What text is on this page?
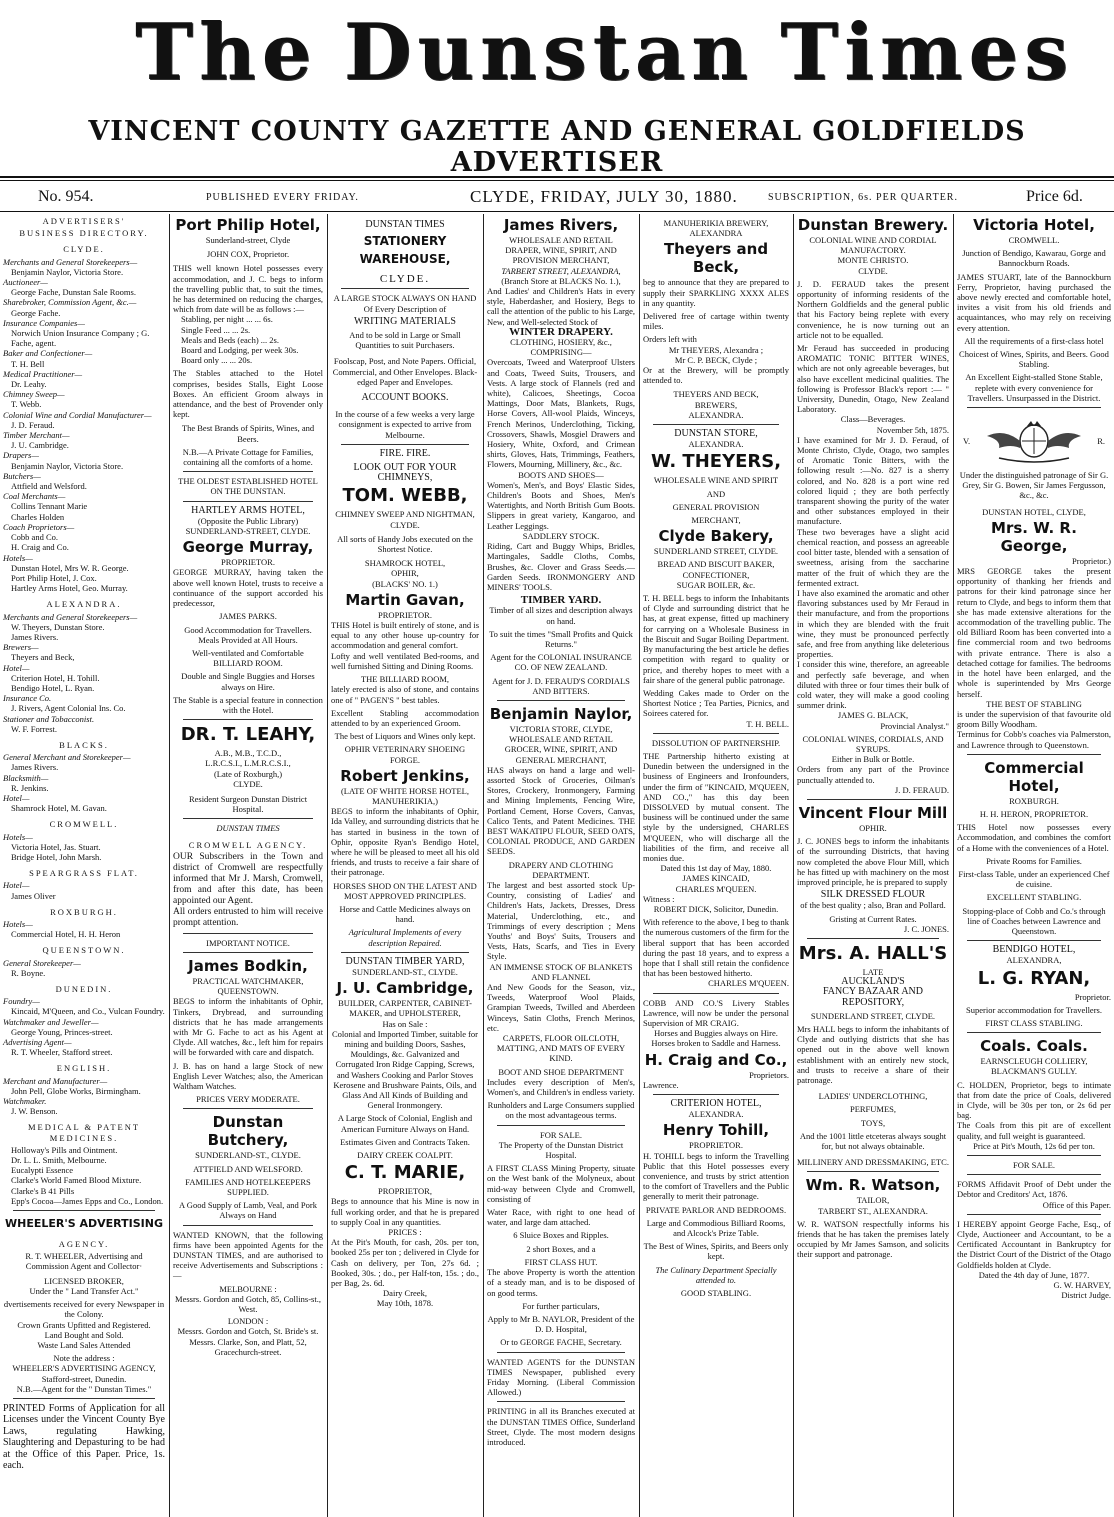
The Dunstan Times
VINCENT COUNTY GAZETTE AND GENERAL GOLDFIELDS ADVERTISER
No. 954.	PUBLISHED EVERY FRIDAY.	CLYDE, FRIDAY, JULY 30, 1880.	SUBSCRIPTION, 6s. PER QUARTER.	Price 6d.
ADVERTISERS'
BUSINESS DIRECTORY.
CLYDE.
Merchants and General Storekeepers—
Benjamin Naylor, Victoria Store.
Auctioneer—
George Fache, Dunstan Sale Rooms.
Sharebroker, Commission Agent, &c.—
George Fache.
Insurance Companies—
Norwich Union Insurance Company ; G. Fache, agent.
Baker and Confectioner—
T. H. Bell
Medical Practitioner—
Dr. Leahy.
Chimney Sweep—
T. Webb.
Colonial Wine and Cordial Manufacturer—
J. D. Feraud.
Timber Merchant—
J. U. Cambridge.
Drapers—
Benjamin Naylor, Victoria Store.
Butchers—
Attfield and Welsford.
Coal Merchants—
Collins Tennant Marie
Charles Holden
Coach Proprietors—
Cobb and Co.
H. Craig and Co.
Hotels—
Dunstan Hotel, Mrs W. R. George.
Port Philip Hotel, J. Cox.
Hartley Arms Hotel, Geo. Murray.
ALEXANDRA.
Merchants and General Storekeepers—
W. Theyers, Dunstan Store.
James Rivers.
Brewers—
Theyers and Beck,
Hotel—
Criterion Hotel, H. Tohill.
Bendigo Hotel, L. Ryan.
Insurance Co.
J. Rivers, Agent Colonial Ins. Co.
Stationer and Tobacconist.
W. F. Forrest.
BLACKS.
General Merchant and Storekeeper—
James Rivers.
Blacksmith—
R. Jenkins.
Hotel—
Shamrock Hotel, M. Gavan.
CROMWELL.
Hotels—
Victoria Hotel, Jas. Stuart.
Bridge Hotel, John Marsh.
SPEARGRASS FLAT.
Hotel—
James Oliver
ROXBURGH.
Hotels—
Commercial Hotel, H. H. Heron
QUEENSTOWN.
General Storekeeper—
R. Boyne.
DUNEDIN.
Foundry—
Kincaid, M'Queen, and Co., Vulcan Foundry.
Watchmaker and Jeweller—
George Young, Princes-street.
Advertising Agent—
R. T. Wheeler, Stafford street.
ENGLISH.
Merchant and Manufacturer—
John Pell, Globe Works, Birmingham.
Watchmaker.
J. W. Benson.
MEDICAL & PATENT MEDICINES.
Holloway's Pills and Ointment.
Dr. L. L. Smith, Melbourne.
Eucalypti Essence
Clarke's World Famed Blood Mixture.
Clarke's B 41 Pills
Epp's Cocoa—James Epps and Co., London.
WHEELER'S ADVERTISING
AGENCY.
R. T. WHEELER, Advertising and Commission Agent and Collector·
LICENSED BROKER,
Under the " Land Transfer Act."
dvertisements received for every Newspaper in the Colony.
Crown Grants Upfitted and Registered.
Land Bought and Sold.
Waste Land Sales Attended
Note the address :
WHEELER'S ADVERTISING AGENCY,
Stafford-street, Dunedin.
N.B.—Agent for the " Dunstan Times."
PRINTED Forms of Application for all Licenses under the Vincent County Bye Laws, regulating Hawking, Slaughtering and Depasturing to be had at the Office of this Paper. Price, 1s. each.
Port Philip Hotel,
Sunderland-street, Clyde
JOHN COX, Proprietor.
THIS well known Hotel possesses every accommodation, and J. C. begs to inform the travelling public that, to suit the times, he has determined on reducing the charges, which from date will be as follows :—
Stabling, per night ... ... 6s.
Single Feed ... ... 2s.
Meals and Beds (each) ... 2s.
Board and Lodging, per week 30s.
Board only ... ... 20s.
The Stables attached to the Hotel comprises, besides Stalls, Eight Loose Boxes. An efficient Groom always in attendance, and the best of Provender only kept.
The Best Brands of Spirits, Wines, and Beers.
N.B.—A Private Cottage for Families, containing all the comforts of a home.
THE OLDEST ESTABLISHED HOTEL ON THE DUNSTAN.
HARTLEY ARMS HOTEL,
(Opposite the Public Library)
SUNDERLAND-STREET, CLYDE.
George Murray,
PROPRIETOR.
GEORGE MURRAY, having taken the above well known Hotel, trusts to receive a continuance of the support accorded his predecessor,
JAMES PARKS.
Good Accommodation for Travellers. Meals Provided at All Hours.
Well-ventilated and Comfortable BILLIARD ROOM.
Double and Single Buggies and Horses always on Hire.
The Stable is a special feature in connection with the Hotel.
DR. T. LEAHY,
A.B., M.B., T.C.D.,
L.R.C.S.I., L.M.R.C.S.I.,
(Late of Roxburgh,)
CLYDE.
Resident Surgeon Dunstan District Hospital.
DUNSTAN TIMES
CROMWELL AGENCY.
OUR Subscribers in the Town and district of Cromwell are respectfully informed that Mr J. Marsh, Cromwell, from and after this date, has been appointed our Agent.
All orders entrusted to him will receive prompt attention.
IMPORTANT NOTICE.
James Bodkin,
PRACTICAL WATCHMAKER,
QUEENSTOWN.
BEGS to inform the inhabitants of Ophir, Tinkers, Drybread, and surrounding districts that he has made arrangements with Mr G. Fache to act as his Agent at Clyde. All watches, &c., left him for repairs will be forwarded with care and dispatch.
J. B. has on hand a large Stock of new English Lever Watches; also, the American Waltham Watches.
PRICES VERY MODERATE.
Dunstan Butchery,
SUNDERLAND-ST., CLYDE.
ATTFIELD AND WELSFORD.
FAMILIES AND HOTELKEEPERS SUPPLIED.
A Good Supply of Lamb, Veal, and Pork Always on Hand
WANTED KNOWN, that the following firms have been appointed Agents for the DUNSTAN TIMES, and are authorised to receive Advertisements and Subscriptions :—
MELBOURNE :
Messrs. Gordon and Gotch, 85, Collins-st., West.
LONDON :
Messrs. Gordon and Gotch, St. Bride's st. Messrs. Clarke, Son, and Platt, 52, Gracechurch-street.
DUNSTAN TIMES
STATIONERY WAREHOUSE,
CLYDE.
A LARGE STOCK ALWAYS ON HAND Of Every Description of
WRITING MATERIALS
And to be sold in Large or Small Quantities to suit Purchasers.
Foolscap, Post, and Note Papers. Official, Commercial, and Other Envelopes. Black-edged Paper and Envelopes.
ACCOUNT BOOKS.
In the course of a few weeks a very large consignment is expected to arrive from Melbourne.
FIRE. FIRE.
LOOK OUT FOR YOUR CHIMNEYS,
TOM. WEBB,
CHIMNEY SWEEP AND NIGHTMAN,
CLYDE.
All sorts of Handy Jobs executed on the Shortest Notice.
SHAMROCK HOTEL,
OPHIR,
(BLACKS' NO. 1.)
Martin Gavan,
PROPRIETOR.
THIS Hotel is built entirely of stone, and is equal to any other house up-country for accommodation and general comfort.
Lofty and well ventilated Bed-rooms, and well furnished Sitting and Dining Rooms.
THE BILLIARD ROOM,
lately erected is also of stone, and contains one of " PAGEN'S " best tables.
Excellent Stabling accommodation attended to by an experienced Groom.
The best of Liquors and Wines only kept.
OPHIR VETERINARY SHOEING FORGE.
Robert Jenkins,
(LATE OF WHITE HORSE HOTEL, MANUHERIKIA,)
BEGS to inform the inhabitants of Ophir, Ida Valley, and surrounding districts that he has started in business in the town of Ophir, opposite Ryan's Bendigo Hotel, where he will be pleased to meet all his old friends, and trusts to receive a fair share of their patronage.
HORSES SHOD ON THE LATEST AND MOST APPROVED PRINCIPLES.
Horse and Cattle Medicines always on hand.
Agricultural Implements of every description Repaired.
DUNSTAN TIMBER YARD,
SUNDERLAND-ST., CLYDE.
J. U. Cambridge,
BUILDER, CARPENTER, CABINET-MAKER, and UPHOLSTERER,
Has on Sale :
Colonial and Imported Timber, suitable for mining and building Doors, Sashes, Mouldings, &c. Galvanized and Corrugated Iron Ridge Capping, Screws, and Washers Cooking and Parlor Stoves Kerosene and Brushware Paints, Oils, and Glass And All Kinds of Building and General Ironmongery.
A Large Stock of Colonial, English and American Furniture Always on Hand.
Estimates Given and Contracts Taken.
DAIRY CREEK COALPIT.
C. T. MARIE,
PROPRIETOR,
Begs to announce that his Mine is now in full working order, and that he is prepared to supply Coal in any quantities.
PRICES :
At the Pit's Mouth, for cash, 20s. per ton, booked 25s per ton ; delivered in Clyde for Cash on delivery, per Ton, 27s 6d. ; Booked, 30s. ; do., per Half-ton, 15s. ; do., per Bag, 2s. 6d.
Dairy Creek,
May 10th, 1878.
James Rivers,
WHOLESALE AND RETAIL
DRAPER, WINE, SPIRIT, AND PROVISION MERCHANT,
TARBERT STREET, ALEXANDRA,
(Branch Store at BLACKS No. 1.),
And Ladies' and Children's Hats in every style, Haberdasher, and Hosiery, Begs to call the attention of the public to his Large, New, and Well-selected Stock of
WINTER DRAPERY.
CLOTHING, HOSIERY, &c.,
COMPRISING—
Overcoats, Tweed and Waterproof Ulsters and Coats, Tweed Suits, Trousers, and Vests. A large stock of Flannels (red and white), Calicoes, Sheetings, Cocoa Mattings, Door Mats, Blankets, Rugs, Horse Covers, All-wool Plaids, Winceys, French Merinos, Underclothing, Ticking, Crossovers, Shawls, Mosgiel Drawers and Hosiery, White, Oxford, and Crimean shirts, Gloves, Hats, Trimmings, Feathers, Flowers, Mourning, Millinery, &c., &c.
BOOTS AND SHOES—
Women's, Men's, and Boys' Elastic Sides, Children's Boots and Shoes, Men's Watertights, and North British Gum Boots. Slippers in great variety, Kangaroo, and Leather Leggings.
SADDLERY STOCK.
Riding, Cart and Buggy Whips, Bridles, Martingales, Saddle Cloths, Combs, Brushes, &c. Clover and Grass Seeds.—Garden Seeds. IRONMONGERY AND MINERS' TOOLS.
TIMBER YARD.
Timber of all sizes and description always on hand.
To suit the times "Small Profits and Quick Returns."
Agent for the COLONIAL INSURANCE CO. OF NEW ZEALAND.
Agent for J. D. FERAUD'S CORDIALS AND BITTERS.
Benjamin Naylor,
VICTORIA STORE, CLYDE,
WHOLESALE AND RETAIL
GROCER, WINE, SPIRIT, AND GENERAL MERCHANT,
HAS always on hand a large and well-assorted Stock of Groceries, Oilman's Stores, Crockery, Ironmongery, Farming and Mining Implements, Fencing Wire, Portland Cement, Horse Covers, Canvas, Calico Tents, and Patent Medicines. THE BEST WAKATIPU FLOUR, SEED OATS, COLONIAL PRODUCE, AND GARDEN SEEDS.
DRAPERY AND CLOTHING DEPARTMENT.
The largest and best assorted stock Up-Country, consisting of Ladies' and Children's Hats, Jackets, Dresses, Dress Material, Underclothing, etc., and Trimmings of every description ; Mens Youths' and Boys' Suits, Trousers and Vests, Hats, Scarfs, and Ties in Every Style.
AN IMMENSE STOCK OF BLANKETS AND FLANNEL
And New Goods for the Season, viz., Tweeds, Waterproof Wool Plaids, Grampian Tweeds, Twilled and Aberdeen Winceys, Satin Cloths, French Merinos, etc.
CARPETS, FLOOR OILCLOTH, MATTING, AND MATS OF EVERY KIND.
BOOT AND SHOE DEPARTMENT
Includes every description of Men's, Women's, and Children's in endless variety.
Runholders and Large Consumers supplied on the most advantageous terms.
FOR SALE.
The Property of the Dunstan District Hospital.
A FIRST CLASS Mining Property, situate on the West bank of the Molyneux, about mid-way between Clyde and Cromwell, consisting of
Water Race, with right to one head of water, and large dam attached.
6 Sluice Boxes and Ripples.
2 short Boxes, and a
FIRST CLASS HUT.
The above Property is worth the attention of a steady man, and is to be disposed of on good terms.
For further particulars,
Apply to Mr B. NAYLOR, President of the D. D. Hospital,
Or to GEORGE FACHE, Secretary.
WANTED AGENTS for the DUNSTAN TIMES Newspaper, published every Friday Morning. (Liberal Commission Allowed.)
PRINTING in all its Branches executed at the DUNSTAN TIMES Office, Sunderland Street, Clyde. The most modern designs introduced.
MANUHERIKIA BREWERY,
ALEXANDRA
Theyers and Beck,
beg to announce that they are prepared to supply their SPARKLING XXXX ALES in any quantity.
Delivered free of cartage within twenty miles.
Orders left with
Mr THEYERS, Alexandra ;
Mr C. P. BECK, Clyde ;
Or at the Brewery, will be promptly attended to.
THEYERS AND BECK,
BREWERS,
ALEXANDRA.
DUNSTAN STORE,
ALEXANDRA.
W. THEYERS,
WHOLESALE WINE AND SPIRIT
AND
GENERAL PROVISION
MERCHANT,
Clyde Bakery,
SUNDERLAND STREET, CLYDE.
BREAD AND BISCUIT BAKER, CONFECTIONER,
SUGAR BOILER, &c.
T. H. BELL begs to inform the Inhabitants of Clyde and surrounding district that he has, at great expense, fitted up machinery for carrying on a Wholesale Business in the Biscuit and Sugar Boiling Department. By manufacturing the best article he defies competition with regard to quality or price, and thereby hopes to meet with a fair share of the general public patronage.
Wedding Cakes made to Order on the Shortest Notice ; Tea Parties, Picnics, and Soirees catered for.
T. H. BELL.
DISSOLUTION OF PARTNERSHIP.
THE Partnership hitherto existing at Dunedin between the undersigned in the business of Engineers and Ironfounders, under the firm of "KINCAID, M'QUEEN, AND CO.," has this day been DISSOLVED by mutual consent. The business will be continued under the same style by the undersigned, CHARLES M'QUEEN, who will discharge all the liabilities of the firm, and receive all monies due.
Dated this 1st day of May, 1880.
JAMES KINCAID,
CHARLES M'QUEEN.
Witness :
ROBERT DICK, Solicitor, Dunedin.
With reference to the above, I beg to thank the numerous customers of the firm for the liberal support that has been accorded during the past 18 years, and to express a hope that I shall still retain the confidence that has been bestowed hitherto.
CHARLES M'QUEEN.
COBB AND CO.'S Livery Stables Lawrence, will now be under the personal Supervision of MR CRAIG.
Horses and Buggies always on Hire. Horses broken to Saddle and Harness.
H. Craig and Co.,
Proprietors.
Lawrence.
CRITERION HOTEL,
ALEXANDRA.
Henry Tohill,
PROPRIETOR.
H. TOHILL begs to inform the Travelling Public that this Hotel possesses every convenience, and trusts by strict attention to the comfort of Travellers and the Public generally to merit their patronage.
PRIVATE PARLOR AND BEDROOMS.
Large and Commodious Billiard Rooms, and Alcock's Prize Table.
The Best of Wines, Spirits, and Beers only kept.
The Culinary Department Specially attended to.
GOOD STABLING.
Dunstan Brewery.
COLONIAL WINE AND CORDIAL MANUFACTORY.
MONTE CHRISTO.
CLYDE.
J. D. FERAUD takes the present opportunity of informing residents of the Northern Goldfields and the general public that his Factory being replete with every convenience, he is now turning out an article not to be equalled.
Mr Feraud has succeeded in producing AROMATIC TONIC BITTER WINES, which are not only agreeable beverages, but also have excellent medicinal qualities. The following is Professor Black's report :— " University, Dunedin, Otago, New Zealand Laboratory.
Class—Beverages.
November 5th, 1875.
I have examined for Mr J. D. Feraud, of Monte Christo, Clyde, Otago, two samples of Aromatic Tonic Bitters, with the following result :—No. 827 is a sherry colored, and No. 828 is a port wine red colored liquid ; they are both perfectly transparent showing the purity of the water and other substances employed in their manufacture.
These two beverages have a slight acid chemical reaction, and possess an agreeable cool bitter taste, blended with a sensation of sweetness, arising from the saccharine matter of the fruit of which they are the fermented extract.
I have also examined the aromatic and other flavoring substances used by Mr Feraud in their manufacture, and from the proportions in which they are blended with the fruit wine, they must be pronounced perfectly safe, and free from anything like deleterious properties.
I consider this wine, therefore, an agreeable and perfectly safe beverage, and when diluted with three or four times their bulk of cold water, they will make a good cooling summer drink.
JAMES G. BLACK,
Provincial Analyst."
COLONIAL WINES, CORDIALS, AND SYRUPS.
Either in Bulk or Bottle.
Orders from any part of the Province punctually attended to.
J. D. FERAUD.
Vincent Flour Mill
OPHIR.
J. C. JONES begs to inform the inhabitants of the surrounding Districts, that having now completed the above Flour Mill, which he has fitted up with machinery on the most improved principle, he is prepared to supply
SILK DRESSED FLOUR
of the best quality ; also, Bran and Pollard.
Gristing at Current Rates.
J. C. JONES.
Mrs. A. HALL'S
LATE
AUCKLAND'S
FANCY BAZAAR AND REPOSITORY,
SUNDERLAND STREET, CLYDE.
Mrs HALL begs to inform the inhabitants of Clyde and outlying districts that she has opened out in the above well known establishment with an entirely new stock, and trusts to receive a share of their patronage.
LADIES' UNDERCLOTHING,
PERFUMES,
TOYS,
And the 1001 little etceteras always sought for, but not always obtainable.
MILLINERY AND DRESSMAKING, ETC.
Wm. R. Watson,
TAILOR,
TARBERT ST., ALEXANDRA.
W. R. WATSON respectfully informs his friends that he has taken the premises lately occupied by Mr James Samson, and solicits their support and patronage.
Victoria Hotel,
CROMWELL.
Junction of Bendigo, Kawarau, Gorge and Bannockburn Roads.
JAMES STUART, late of the Bannockburn Ferry, Proprietor, having purchased the above newly erected and comfortable hotel, invites a visit from his old friends and acquaintances, who may rely on receiving every attention.
All the requirements of a first-class hotel
Choicest of Wines, Spirits, and Beers. Good Stabling.
An Excellent Eight-stalled Stone Stable, replete with every convenience for Travellers. Unsurpassed in the District.
V.	R.
Under the distinguished patronage of Sir G. Grey, Sir G. Bowen, Sir James Fergusson, &c., &c.
DUNSTAN HOTEL, CLYDE,
Mrs. W. R. George,
Proprietor.)
MRS GEORGE takes the present opportunity of thanking her friends and patrons for their kind patronage since her return to Clyde, and begs to inform them that she has made extensive alterations for the accommodation of the travelling public. The old Billiard Room has been converted into a fine commercial room and two bedrooms with private entrance. There is also a detached cottage for families. The bedrooms in the hotel have been enlarged, and the whole is superintended by Mrs George herself.
THE BEST OF STABLING
is under the supervision of that favourite old groom Billy Woodham.
Terminus for Cobb's coaches via Palmerston, and Lawrence through to Queenstown.
Commercial Hotel,
ROXBURGH.
H. H. HERON, PROPRIETOR.
THIS Hotel now possesses every Accommodation, and combines the comfort of a Home with the conveniences of a Hotel.
Private Rooms for Families.
First-class Table, under an experienced Chef de cuisine.
EXCELLENT STABLING.
Stopping-place of Cobb and Co.'s through line of Coaches between Lawrence and Queenstown.
BENDIGO HOTEL,
ALEXANDRA,
L. G. RYAN,
Proprietor.
Superior accommodation for Travellers.
FIRST CLASS STABLING.
Coals. Coals.
EARNSCLEUGH COLLIERY,
BLACKMAN'S GULLY.
C. HOLDEN, Proprietor, begs to intimate that from date the price of Coals, delivered in Clyde, will be 30s per ton, or 2s 6d per bag.
The Coals from this pit are of excellent quality, and full weight is guaranteed.
Price at Pit's Mouth, 12s 6d per ton.
FOR SALE.
FORMS Affidavit Proof of Debt under the Debtor and Creditors' Act, 1876.
Office of this Paper.
I HEREBY appoint George Fache, Esq., of Clyde, Auctioneer and Accountant, to be a Certificated Accountant in Bankruptcy for the District Court of the District of the Otago Goldfields holden at Clyde.
Dated the 4th day of June, 1877.
G. W. HARVEY,
District Judge.
